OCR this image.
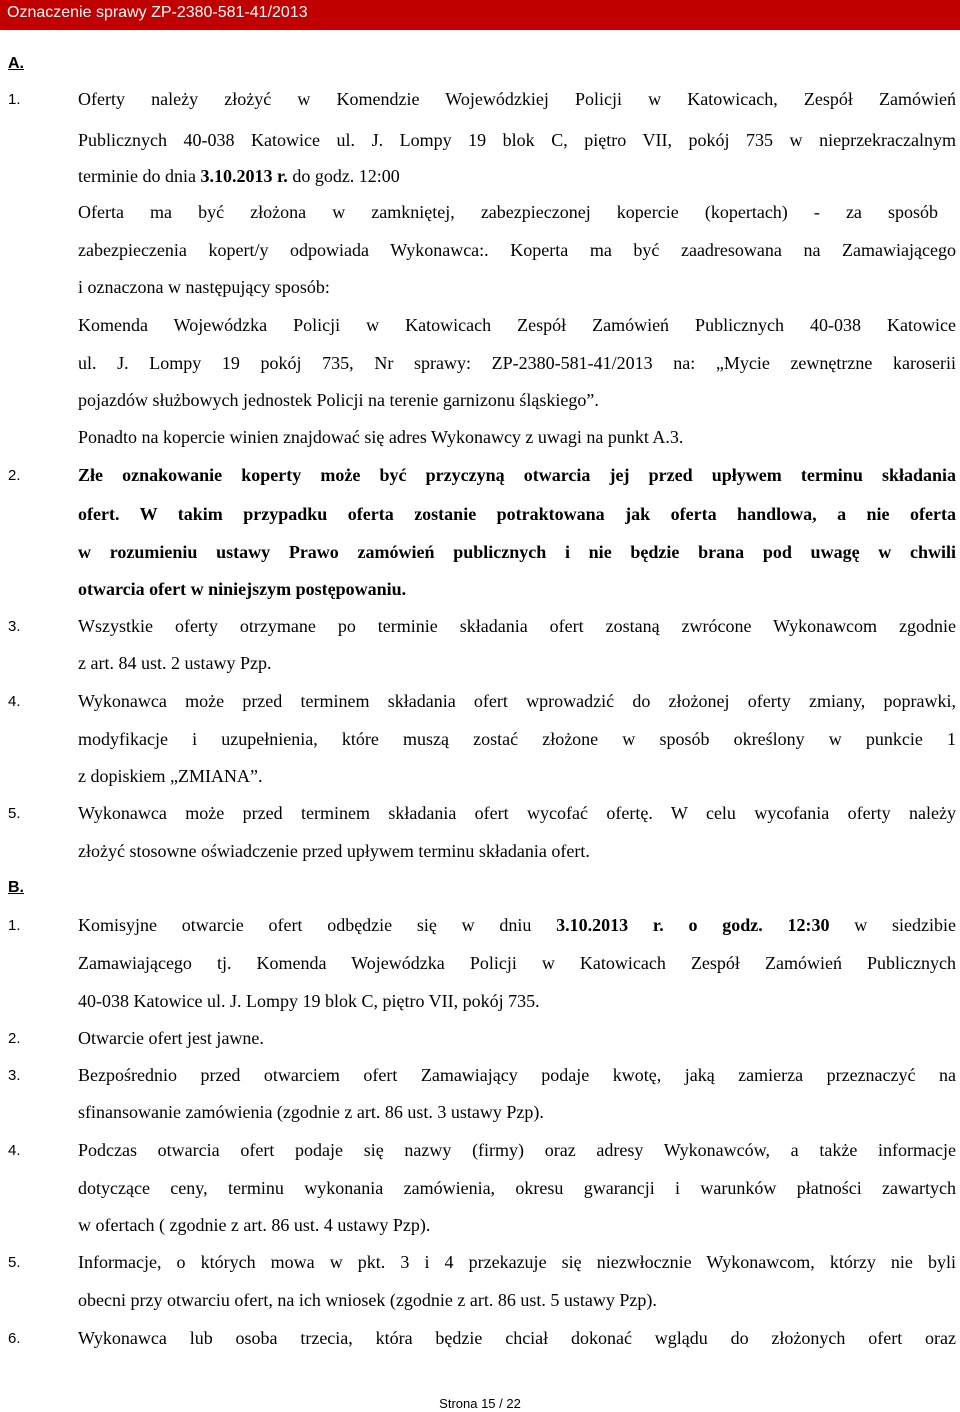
Oznaczenie sprawy ZP-2380-581-41/2013
A.
1.	Oferty należy złożyć w Komendzie Wojewódzkiej Policji w Katowicach, Zespół Zamówień
Publicznych 40-038 Katowice ul. J. Lompy 19 blok C, piętro VII, pokój 735 w nieprzekraczalnym
terminie do dnia 3.10.2013 r. do godz. 12:00
Oferta ma być złożona w zamkniętej, zabezpieczonej kopercie (kopertach) - za sposób
zabezpieczenia kopert/y odpowiada Wykonawca:. Koperta ma być zaadresowana na Zamawiającego
i oznaczona w następujący sposób:
Komenda Wojewódzka Policji w Katowicach Zespół Zamówień Publicznych 40-038 Katowice
ul. J. Lompy 19 pokój 735, Nr sprawy: ZP-2380-581-41/2013 na: „Mycie zewnętrzne karoserii
pojazdów służbowych jednostek Policji na terenie garnizonu śląskiego”.
Ponadto na kopercie winien znajdować się adres Wykonawcy z uwagi na punkt A.3.
2.	Złe oznakowanie koperty może być przyczyną otwarcia jej przed upływem terminu składania
ofert. W takim przypadku oferta zostanie potraktowana jak oferta handlowa, a nie oferta
w rozumieniu ustawy Prawo zamówień publicznych i nie będzie brana pod uwagę w chwili
otwarcia ofert w niniejszym postępowaniu.
3.	Wszystkie oferty otrzymane po terminie składania ofert zostaną zwrócone Wykonawcom zgodnie
z art. 84 ust. 2 ustawy Pzp.
4.	Wykonawca może przed terminem składania ofert wprowadzić do złożonej oferty zmiany, poprawki,
modyfikacje i uzupełnienia, które muszą zostać złożone w sposób określony w punkcie 1
z dopiskiem „ZMIANA”.
5.	Wykonawca może przed terminem składania ofert wycofać ofertę. W celu wycofania oferty należy
złożyć stosowne oświadczenie przed upływem terminu składania ofert.
B.
1.	Komisyjne otwarcie ofert odbędzie się w dniu 3.10.2013 r. o godz. 12:30 w siedzibie
Zamawiającego tj. Komenda Wojewódzka Policji w Katowicach Zespół Zamówień Publicznych
40-038 Katowice ul. J. Lompy 19 blok C, piętro VII, pokój 735.
2.	Otwarcie ofert jest jawne.
3.	Bezpośrednio przed otwarciem ofert Zamawiający podaje kwotę, jaką zamierza przeznaczyć na
sfinansowanie zamówienia (zgodnie z art. 86 ust. 3 ustawy Pzp).
4.	Podczas otwarcia ofert podaje się nazwy (firmy) oraz adresy Wykonawców, a także informacje
dotyczące ceny, terminu wykonania zamówienia, okresu gwarancji i warunków płatności zawartych
w ofertach ( zgodnie z art. 86 ust. 4 ustawy Pzp).
5.	Informacje, o których mowa w pkt. 3 i 4 przekazuje się niezwłocznie Wykonawcom, którzy nie byli
obecni przy otwarciu ofert, na ich wniosek (zgodnie z art. 86 ust. 5 ustawy Pzp).
6.	Wykonawca lub osoba trzecia, która będzie chciał dokonać wglądu do złożonych ofert oraz
Strona 15 / 22
